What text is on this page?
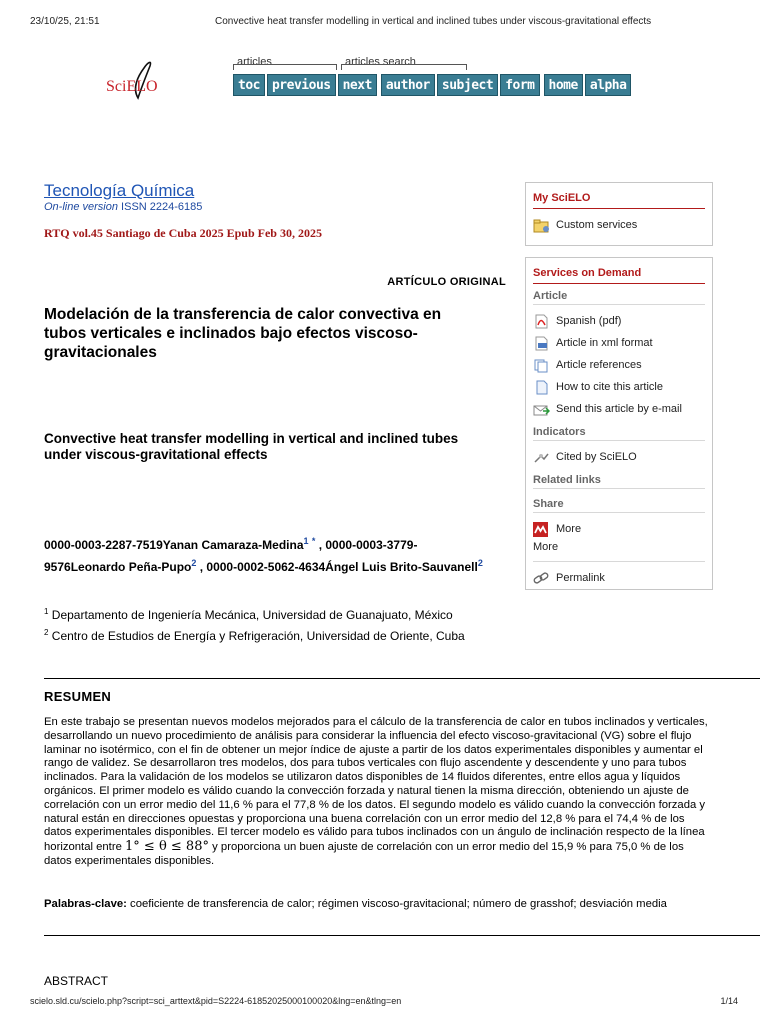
23/10/25, 21:51	Convective heat transfer modelling in vertical and inclined tubes under viscous-gravitational effects
SciELO
articles	articles search
toc previous next	author subject form	home alpha
Tecnología Química
On-line version ISSN 2224-6185
RTQ vol.45 Santiago de Cuba 2025 Epub Feb 30, 2025
ARTÍCULO ORIGINAL
Modelación de la transferencia de calor convectiva en tubos verticales e inclinados bajo efectos viscoso-gravitacionales
Convective heat transfer modelling in vertical and inclined tubes under viscous-gravitational effects
0000-0003-2287-7519Yanan Camaraza-Medina$^1$ * , 0000-0003-3779-9576Leonardo Peña-Pupo$^2$ , 0000-0002-5062-4634Ángel Luis Brito-Sauvanell$^2$
$^1$ Departamento de Ingeniería Mecánica, Universidad de Guanajuato, México
$^2$ Centro de Estudios de Energía y Refrigeración, Universidad de Oriente, Cuba
RESUMEN
En este trabajo se presentan nuevos modelos mejorados para el cálculo de la transferencia de calor en tubos inclinados y verticales, desarrollando un nuevo procedimiento de análisis para considerar la influencia del efecto viscoso-gravitacional (VG) sobre el flujo laminar no isotérmico, con el fin de obtener un mejor índice de ajuste a partir de los datos experimentales disponibles y aumentar el rango de validez. Se desarrollaron tres modelos, dos para tubos verticales con flujo ascendente y descendente y uno para tubos inclinados. Para la validación de los modelos se utilizaron datos disponibles de 14 fluidos diferentes, entre ellos agua y líquidos orgánicos. El primer modelo es válido cuando la convección forzada y natural tienen la misma dirección, obteniendo un ajuste de correlación con un error medio del 11,6 % para el 77,8 % de los datos. El segundo modelo es válido cuando la convección forzada y natural están en direcciones opuestas y proporciona una buena correlación con un error medio del 12,8 % para el 74,4 % de los datos experimentales disponibles. El tercer modelo es válido para tubos inclinados con un ángulo de inclinación respecto de la línea horizontal entre 1° ≤ θ ≤ 88° y proporciona un buen ajuste de correlación con un error medio del 15,9 % para 75,0 % de los datos experimentales disponibles.
Palabras-clave: coeficiente de transferencia de calor; régimen viscoso-gravitacional; número de grasshof; desviación media
ABSTRACT
scielo.sld.cu/scielo.php?script=sci_arttext&pid=S2224-61852025000100020&lng=en&tlng=en	1/14
My SciELO
Custom services
Services on Demand
Article
Spanish (pdf)
Article in xml format
Article references
How to cite this article
Send this article by e-mail
Indicators
Cited by SciELO
Related links
Share
More
More
Permalink
